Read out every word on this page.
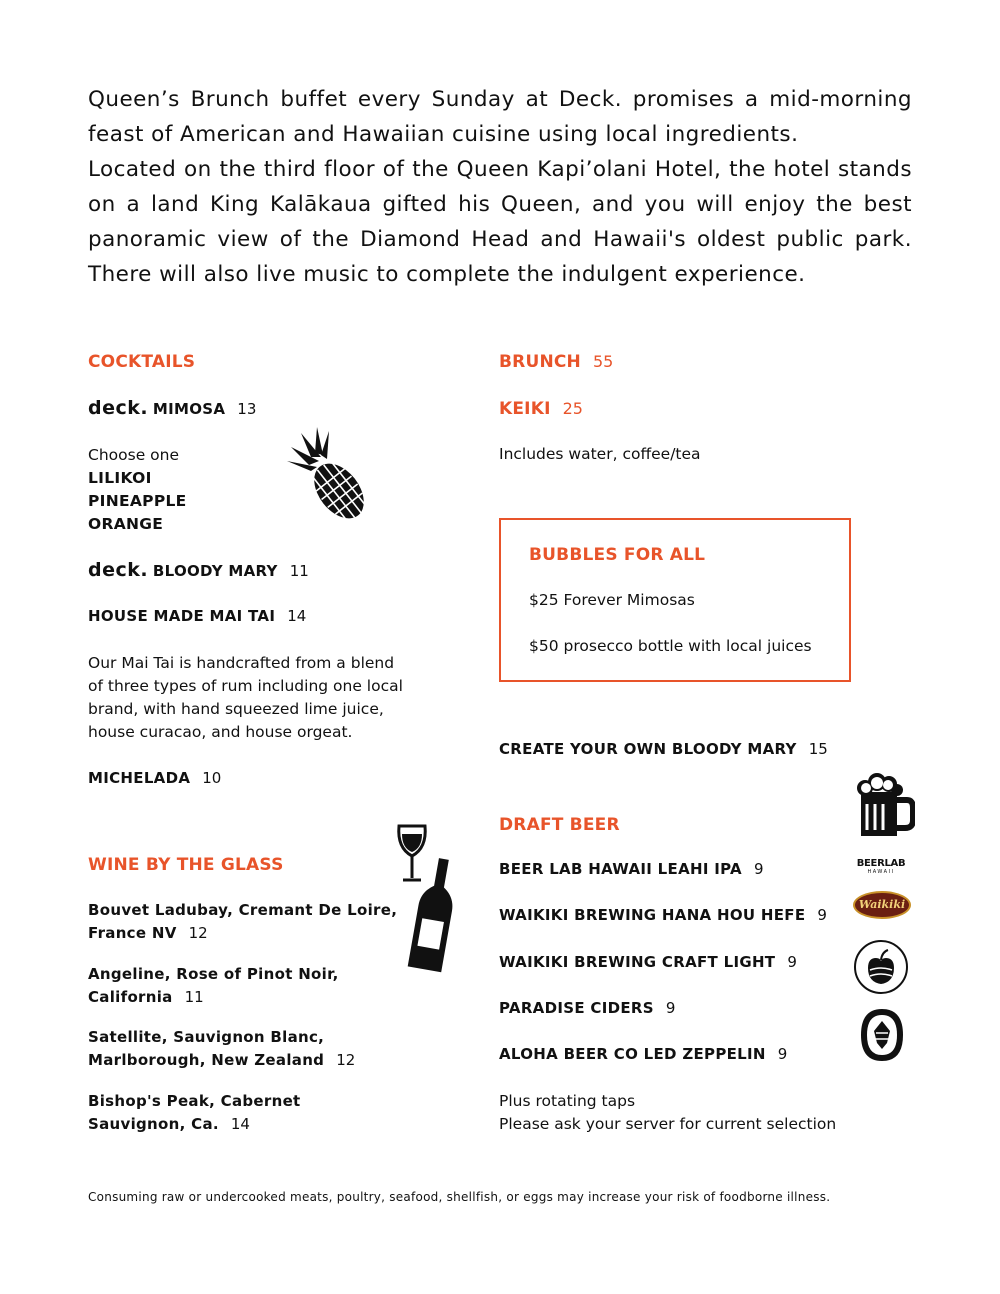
Queen’s Brunch buffet every Sunday at Deck. promises a mid-morning feast of American and Hawaiian cuisine using local ingredients.

Located on the third floor of the Queen Kapi’olani Hotel, the hotel stands on a land King Kalākaua gifted his Queen, and you will enjoy the best panoramic view of the Diamond Head and Hawaii's oldest public park. There will also live music to complete the indulgent experience.

COCKTAILS
deck. MIMOSA 13
Choose one
LILIKOI
PINEAPPLE
ORANGE
deck. BLOODY MARY 11
HOUSE MADE MAI TAI 14
Our Mai Tai is handcrafted from a blend
of three types of rum including one local
brand, with hand squeezed lime juice,
house curacao, and house orgeat.
MICHELADA 10
WINE BY THE GLASS
Bouvet Ladubay, Cremant De Loire,
France NV 12
Angeline, Rose of Pinot Noir,
California 11
Satellite, Sauvignon Blanc,
Marlborough, New Zealand 12
Bishop's Peak, Cabernet
Sauvignon, Ca. 14
BRUNCH 55
KEIKI 25
Includes water, coffee/tea
BUBBLES FOR ALL
$25 Forever Mimosas
$50 prosecco bottle with local juices
CREATE YOUR OWN BLOODY MARY 15
DRAFT BEER
BEER LAB HAWAII LEAHI IPA 9
WAIKIKI BREWING HANA HOU HEFE 9
WAIKIKI BREWING CRAFT LIGHT 9
PARADISE CIDERS 9
ALOHA BEER CO LED ZEPPELIN 9
Plus rotating taps
Please ask your server for current selection
BEERLAB
HAWAII
Waikiki
Consuming raw or undercooked meats, poultry, seafood, shellfish, or eggs may increase your risk of foodborne illness.
